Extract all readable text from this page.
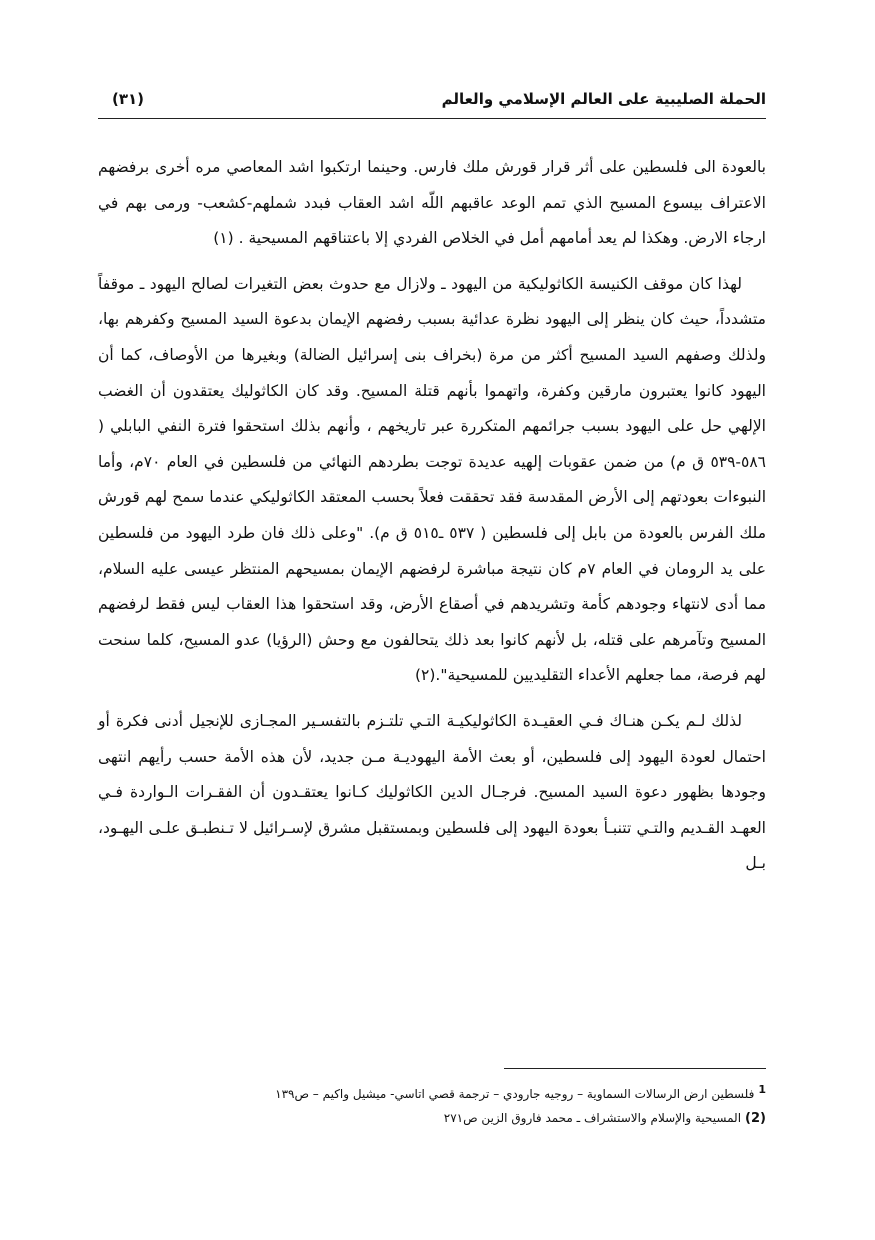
الحملة الصليبية على العالم الإسلامي والعالم
(٣١)

بالعودة الى فلسطين على أثر قرار قورش ملك فارس. وحينما ارتكبوا اشد المعاصي مره أخرى برفضهم الاعتراف بيسوع المسيح الذي تمم الوعد عاقبهم اللّه اشد العقاب فبدد شملهم-كشعب- ورمى بهم في ارجاء الارض. وهكذا لم يعد أمامهم أمل في الخلاص الفردي إلا باعتناقهم المسيحية . (١)

لهذا كان موقف الكنيسة الكاثوليكية من اليهود ـ ولازال مع حدوث بعض التغيرات لصالح اليهود ـ موقفاً متشدداً، حيث كان ينظر إلى اليهود نظرة عدائية بسبب رفضهم الإيمان بدعوة السيد المسيح وكفرهم بها، ولذلك وصفهم السيد المسيح أكثر من مرة (بخراف بنى إسرائيل الضالة) وبغيرها من الأوصاف، كما أن اليهود كانوا يعتبرون مارقين وكفرة، واتهموا بأنهم قتلة المسيح. وقد كان الكاثوليك يعتقدون أن الغضب الإلهي حل على اليهود بسبب جرائمهم المتكررة عبر تاريخهم ، وأنهم بذلك استحقوا فترة النفي البابلي ( ٥٨٦-٥٣٩ ق م) من ضمن عقوبات إلهيه عديدة توجت بطردهم النهائي من فلسطين في العام ٧٠م، وأما النبوءات بعودتهم إلى الأرض المقدسة فقد تحققت فعلاً بحسب المعتقد الكاثوليكي عندما سمح لهم قورش ملك الفرس بالعودة من بابل إلى فلسطين ( ٥٣٧ ـ٥١٥ ق م). "وعلى ذلك فان طرد اليهود من فلسطين على يد الرومان في العام ٧م كان نتيجة مباشرة لرفضهم الإيمان بمسيحهم المنتظر عيسى عليه السلام، مما أدى لانتهاء وجودهم كأمة وتشريدهم في أصقاع الأرض، وقد استحقوا هذا العقاب ليس فقط لرفضهم المسيح وتآمرهم على قتله، بل لأنهم كانوا بعد ذلك يتحالفون مع وحش (الرؤيا) عدو المسيح، كلما سنحت لهم فرصة، مما جعلهم الأعداء التقليديين للمسيحية".(٢)

لذلك لـم يكـن هنـاك فـي العقيـدة الكاثوليكيـة التـي تلتـزم بالتفسـير المجـازى للإنجيل أدنى فكرة أو احتمال لعودة اليهود إلى فلسطين، أو بعث الأمة اليهوديـة مـن جديد، لأن هذه الأمة حسب رأيهم انتهى وجودها بظهور دعوة السيد المسيح. فرجـال الدين الكاثوليك كـانوا يعتقـدون أن الفقـرات الـواردة فـي العهـد القـديم والتـي تتنبـأ بعودة اليهود إلى فلسطين وبمستقبل مشرق لإسـرائيل لا تـنطبـق علـى اليهـود، بـل

1فلسطين ارض الرسالات السماوية – روجيه جارودي – ترجمة قصي اتاسي- ميشيل واكيم – ص١٣٩

(2)المسيحية والإسلام والاستشراف ـ محمد فاروق الزين ص٢٧١
